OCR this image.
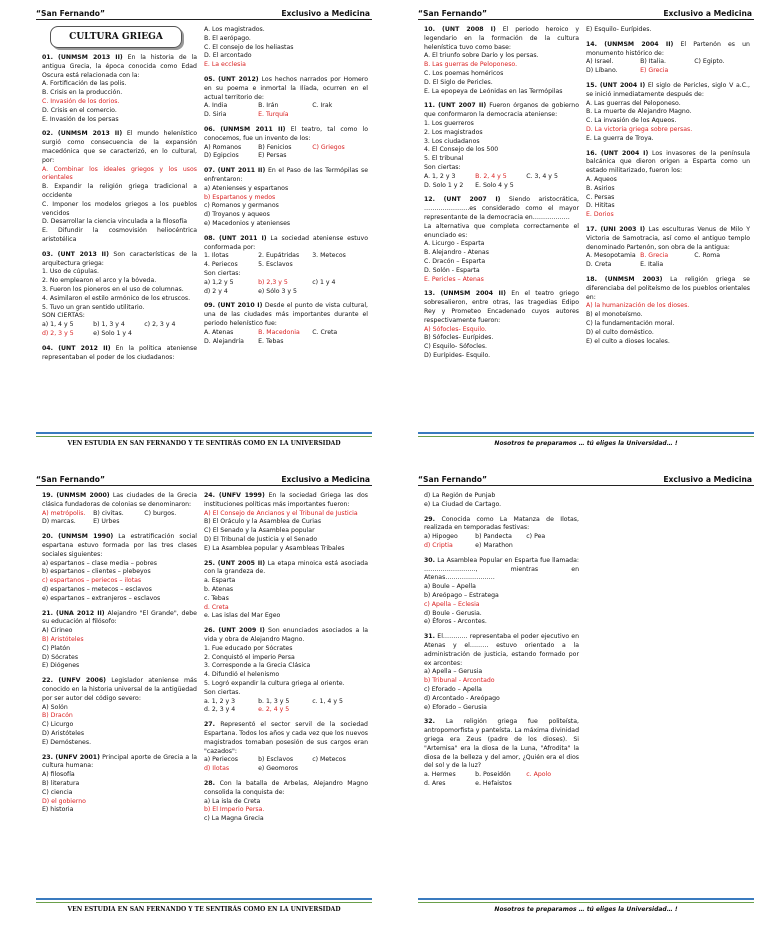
“San Fernando”	Exclusivo a Medicina
CULTURA GRIEGA

01. (UNMSM 2013 II) En la historia de la antigua Grecia, la época conocida como Edad Oscura está relacionada con la:

A. Fortificación de las polis.

B. Crisis en la producción.

C. Invasión de los dorios.

D. Crisis en el comercio.

E. Invasión de los persas

02. (UNMSM 2013 II) El mundo helenístico surgió como consecuencia de la expansión macedónica que se caracterizó, en lo cultural, por:

A. Combinar los ideales griegos y los usos orientales

B. Expandir la religión griega tradicional a occidente

C. Imponer los modelos griegos a los pueblos vencidos

D. Desarrollar la ciencia vinculada a la filosofía

E. Difundir la cosmovisión heliocéntrica aristotélica

03. (UNT 2013 II) Son características de la arquitectura griega:

1. Uso de cúpulas.

2. No emplearon el arco y la bóveda.

3. Fueron los pioneros en el uso de columnas.

4. Asimilaron el estilo armónico de los etruscos.

5. Tuvo un gran sentido utilitario.

SON CIERTAS:

a) 1, 4 y 5	b) 1, 3 y 4	c) 2, 3 y 4
d) 2, 3 y 5	e) Solo 1 y 4

04. (UNT 2012 II) En la política ateniense representaban el poder de los ciudadanos:

A. Los magistrados.

B. El aerópago.

C. El consejo de los heliastas

D. El arcontado

E. La ecclesia

05. (UNT 2012) Los hechos narrados por Homero en su poema e inmortal la Ilíada, ocurren en el actual territorio de:

A. India	B. Irán	C. Irak
D. Siria	E. Turquía

06. (UNMSM 2011 II) El teatro, tal como lo conocemos, fue un invento de los:

A) Romanos	B) Fenicios	C) Griegos
D) Egipcios	E) Persas

07. (UNT 2011 II) En el Paso de las Termópilas se enfrentaron:

a) Atenienses y espartanos

b) Espartanos y medos

c) Romanos y germanos

d) Troyanos y aqueos

e) Macedonios y atenienses

08. (UNT 2011 I) La sociedad ateniense estuvo conformada por:

1. Ilotas	2. Eupátridas	3. Metecos
4. Periecos	5. Esclavos

Son ciertas:

a) 1,2 y 5	b) 2,3 y 5	c) 1 y 4
d) 2 y 4	e) Sólo 3 y 5

09. (UNT 2010 I) Desde el punto de vista cultural, una de las ciudades más importantes durante el periodo helenístico fue:

A. Atenas	B. Macedonia	C. Creta
D. Alejandría	E. Tebas
VEN ESTUDIA EN SAN FERNANDO Y TE SENTIRÁS COMO EN LA UNIVERSIDAD
“San Fernando”	Exclusivo a Medicina

10. (UNT 2008 I) El periodo heroico y legendario en la formación de la cultura helenística tuvo como base:

A. El triunfo sobre Darío y los persas.

B. Las guerras de Peloponeso.

C. Los poemas homéricos

D. El Siglo de Pericles.

E. La epopeya de Leónidas en las Termópilas

11. (UNT 2007 II) Fueron órganos de gobierno que conformaron la democracia ateniense:

1. Los guerreros

2. Los magistrados

3. Los ciudadanos

4. El Consejo de los 500

5. El tribunal

Son ciertas:

A. 1, 2 y 3	B. 2, 4 y 5	C. 3, 4 y 5
D. Solo 1 y 2	E. Solo 4 y 5

12. (UNT 2007 I) Siendo aristocrática, ………………….es considerado como el mayor representante de la democracia en………………

La alternativa que completa correctamente el enunciado es:

A. Licurgo - Esparta

B. Alejandro - Atenas

C. Dracón – Esparta

D. Solón - Esparta

E. Pericles – Atenas

13. (UNMSM 2004 II) En el teatro griego sobresalieron, entre otras, las tragedias Edipo Rey y Prometeo Encadenado cuyos autores respectivamente fueron:

A) Sófocles- Esquilo.

B) Sófocles- Eurípides.

C) Esquilo- Sófocles.

D) Eurípides- Esquilo.

E) Esquilo- Eurípides.

14. (UNMSM 2004 II) El Partenón es un monumento histórico de:

A) Israel.	B) Italia.	C) Egipto.
D) Líbano.	E) Grecia

15. (UNT 2004 I) El siglo de Pericles, siglo V a.C., se inició inmediatamente después de:

A. Las guerras del Peloponeso.

B. La muerte de Alejandro Magno.

C. La invasión de los Aqueos.

D. La victoria griega sobre persas.

E. La guerra de Troya.

16. (UNT 2004 I) Los invasores de la península balcánica que dieron origen a Esparta como un estado militarizado, fueron los:

A. Aqueos

B. Asirios

C. Persas

D. Hititas

E. Dorios

17. (UNI 2003 I) Las esculturas Venus de Milo Y Victoria de Samotracia, así como el antiguo templo denominado Partenón, son obra de la antigua:

A. Mesopotamia B. Grecia	C. Roma
D. Creta	E. Italia

18. (UNMSM 2003) La religión griega se diferenciaba del politeísmo de los pueblos orientales en:

A) la humanización de los dioses.

B) el monoteísmo.

C) la fundamentación moral.

D) el culto doméstico.

E) el culto a dioses locales.

Nosotros te preparamos … tú eliges la Universidad… !
“San Fernando”	Exclusivo a Medicina

19. (UNMSM 2000) Las ciudades de la Grecia clásica fundadoras de colonias se denominaron:

A) metrópolis.	B) civitas.	C) burgos.
D) marcas.	E) Urbes

20. (UNMSM 1990) La estratificación social espartana estuvo formada por las tres clases sociales siguientes:

a) espartanos – clase media – pobres

b) espartanos – clientes – plebeyos

c) espartanos – periecos – ilotas

d) espartanos – metecos – esclavos

e) espartanos – extranjeros – esclavos

21. (UNA 2012 II) Alejandro "El Grande", debe su educación al filósofo:

A) Cirineo

B) Aristóteles

C) Platón

D) Sócrates

E) Diógenes

22. (UNFV 2006) Legislador ateniense más conocido en la historia universal de la antigüedad por ser autor del código severo:

A) Solón

B) Dracón

C) Licurgo

D) Aristóteles

E) Demóstenes.

23. (UNFV 2001) Principal aporte de Grecia a la cultura humana:

A) filosofía

B) literatura

C) ciencia

D) el gobierno

E) historia

24. (UNFV 1999) En la sociedad Griega las dos instituciones políticas más importantes fueron:

A) El Consejo de Ancianos y el Tribunal de Justicia

B) El Oráculo y la Asamblea de Curias

C) El Senado y la Asamblea popular

D) El Tribunal de Justicia y el Senado

E) La Asamblea popular y Asambleas Tribales

25. (UNT 2005 II) La etapa minoica está asociada con la grandeza de.

a. Esparta

b. Atenas

c. Tebas

d. Creta

e. Las islas del Mar Egeo

26. (UNT 2009 I) Son enunciados asociados a la vida y obra de Alejandro Magno.

1. Fue educado por Sócrates

2. Conquistó el imperio Persa

3. Corresponde a la Grecia Clásica

4. Difundió el helenismo

5. Logró expandir la cultura griega al oriente.

Son ciertas.

a. 1, 2 y 3	b. 1, 3 y 5	c. 1, 4 y 5
d. 2, 3 y 4	e. 2, 4 y 5

27. Representó el sector servil de la sociedad Espartana. Todos los años y cada vez que los nuevos magistrados tomaban posesión de sus cargos eran "cazados":

a) Periecos	b) Esclavos	c) Metecos
d) Ilotas	e) Geomoros

28. Con la batalla de Arbelas, Alejandro Magno consolida la conquista de:

a) La isla de Creta

b) El Imperio Persa.

c) La Magna Grecia

VEN ESTUDIA EN SAN FERNANDO Y TE SENTIRÁS COMO EN LA UNIVERSIDAD
“San Fernando”	Exclusivo a Medicina

d) La Región de Punjab

e) La Ciudad de Cartago.

29. Conocida como La Matanza de Ilotas, realizada en temporadas festivas:

a) Hipogeo	b) Pandecta	c) Pea
d) Criptia	e) Marathon

30. La Asamblea Popular en Esparta fue llamada: ……………………., mientras en Atenas……………………

a) Boule – Apella

b) Areópago – Estratega

c) Apella – Eclesia

d) Boule - Gerusia.

e) Éforos - Arcontes.

31. El………… representaba el poder ejecutivo en Atenas y el……… estuvo orientado a la administración de justicia, estando formado por ex arcontes:

a) Apella – Gerusia

b) Tribunal - Arcontado

c) Eforado – Apella

d) Arcontado - Areópago

e) Eforado – Gerusia

32. La religión griega fue politeísta, antropomorfista y panteísta. La máxima divinidad griega era Zeus (padre de los dioses). Si "Artemisa" era la diosa de la Luna, "Afrodita" la diosa de la belleza y del amor, ¿Quién era el dios del sol y de la luz?

a. Hermes	b. Poseidón	c. Apolo
d. Ares	e. Hefaistos
Nosotros te preparamos … tú eliges la Universidad… !
